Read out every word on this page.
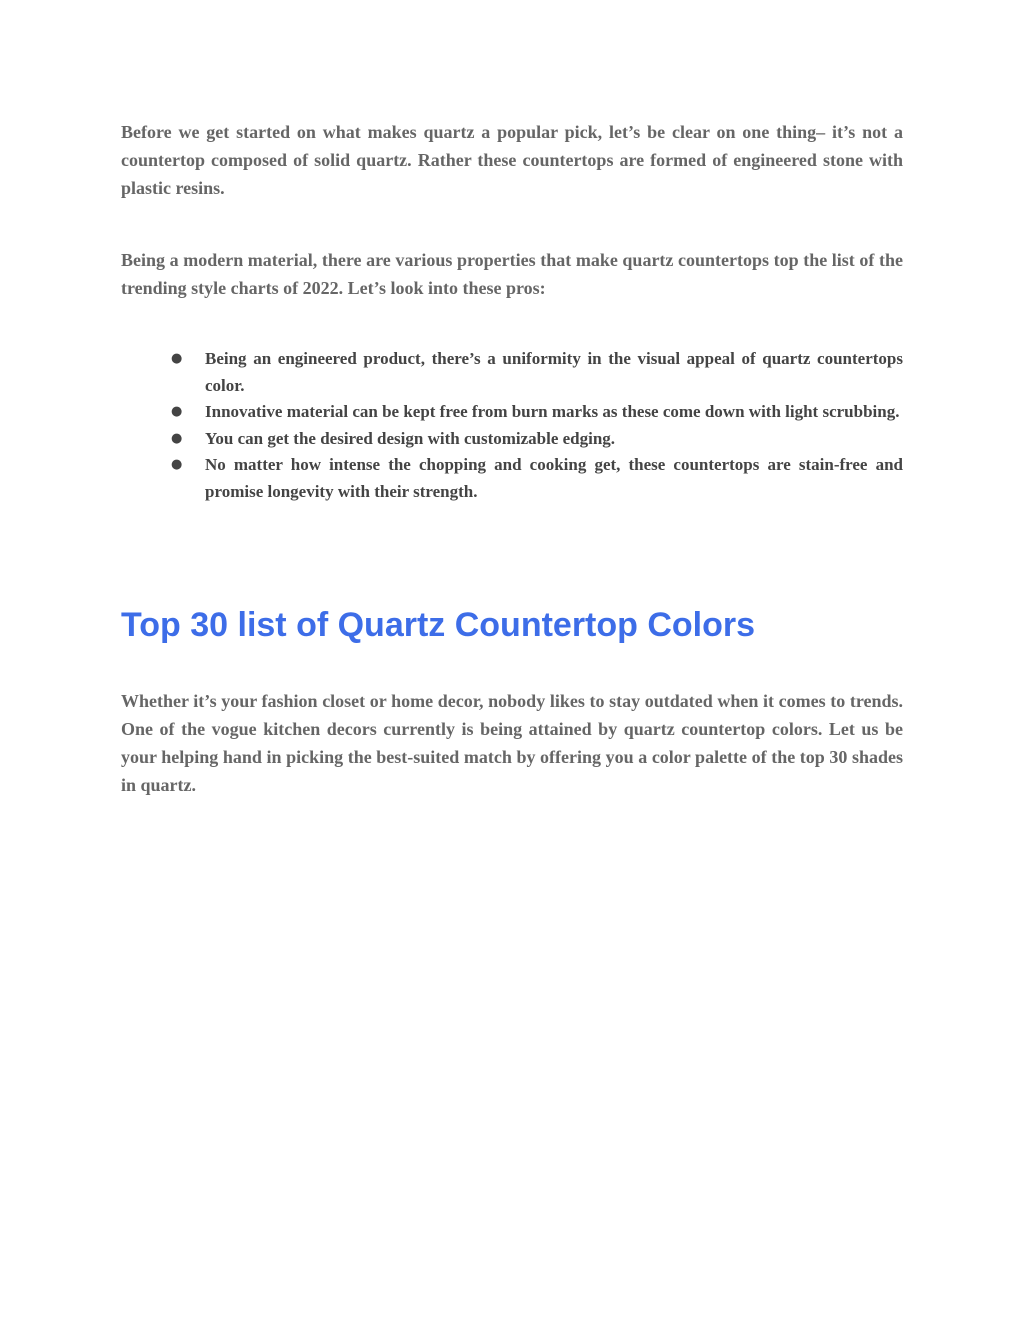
Before we get started on what makes quartz a popular pick, let’s be clear on one thing– it’s not a countertop composed of solid quartz. Rather these countertops are formed of engineered stone with plastic resins.

Being a modern material, there are various properties that make quartz countertops top the list of the trending style charts of 2022. Let’s look into these pros:

● Being an engineered product, there’s a uniformity in the visual appeal of quartz countertops color.
● Innovative material can be kept free from burn marks as these come down with light scrubbing.
● You can get the desired design with customizable edging.
● No matter how intense the chopping and cooking get, these countertops are stain-free and promise longevity with their strength.
Top 30 list of Quartz Countertop Colors

Whether it’s your fashion closet or home decor, nobody likes to stay outdated when it comes to trends. One of the vogue kitchen decors currently is being attained by quartz countertop colors. Let us be your helping hand in picking the best-suited match by offering you a color palette of the top 30 shades in quartz.
